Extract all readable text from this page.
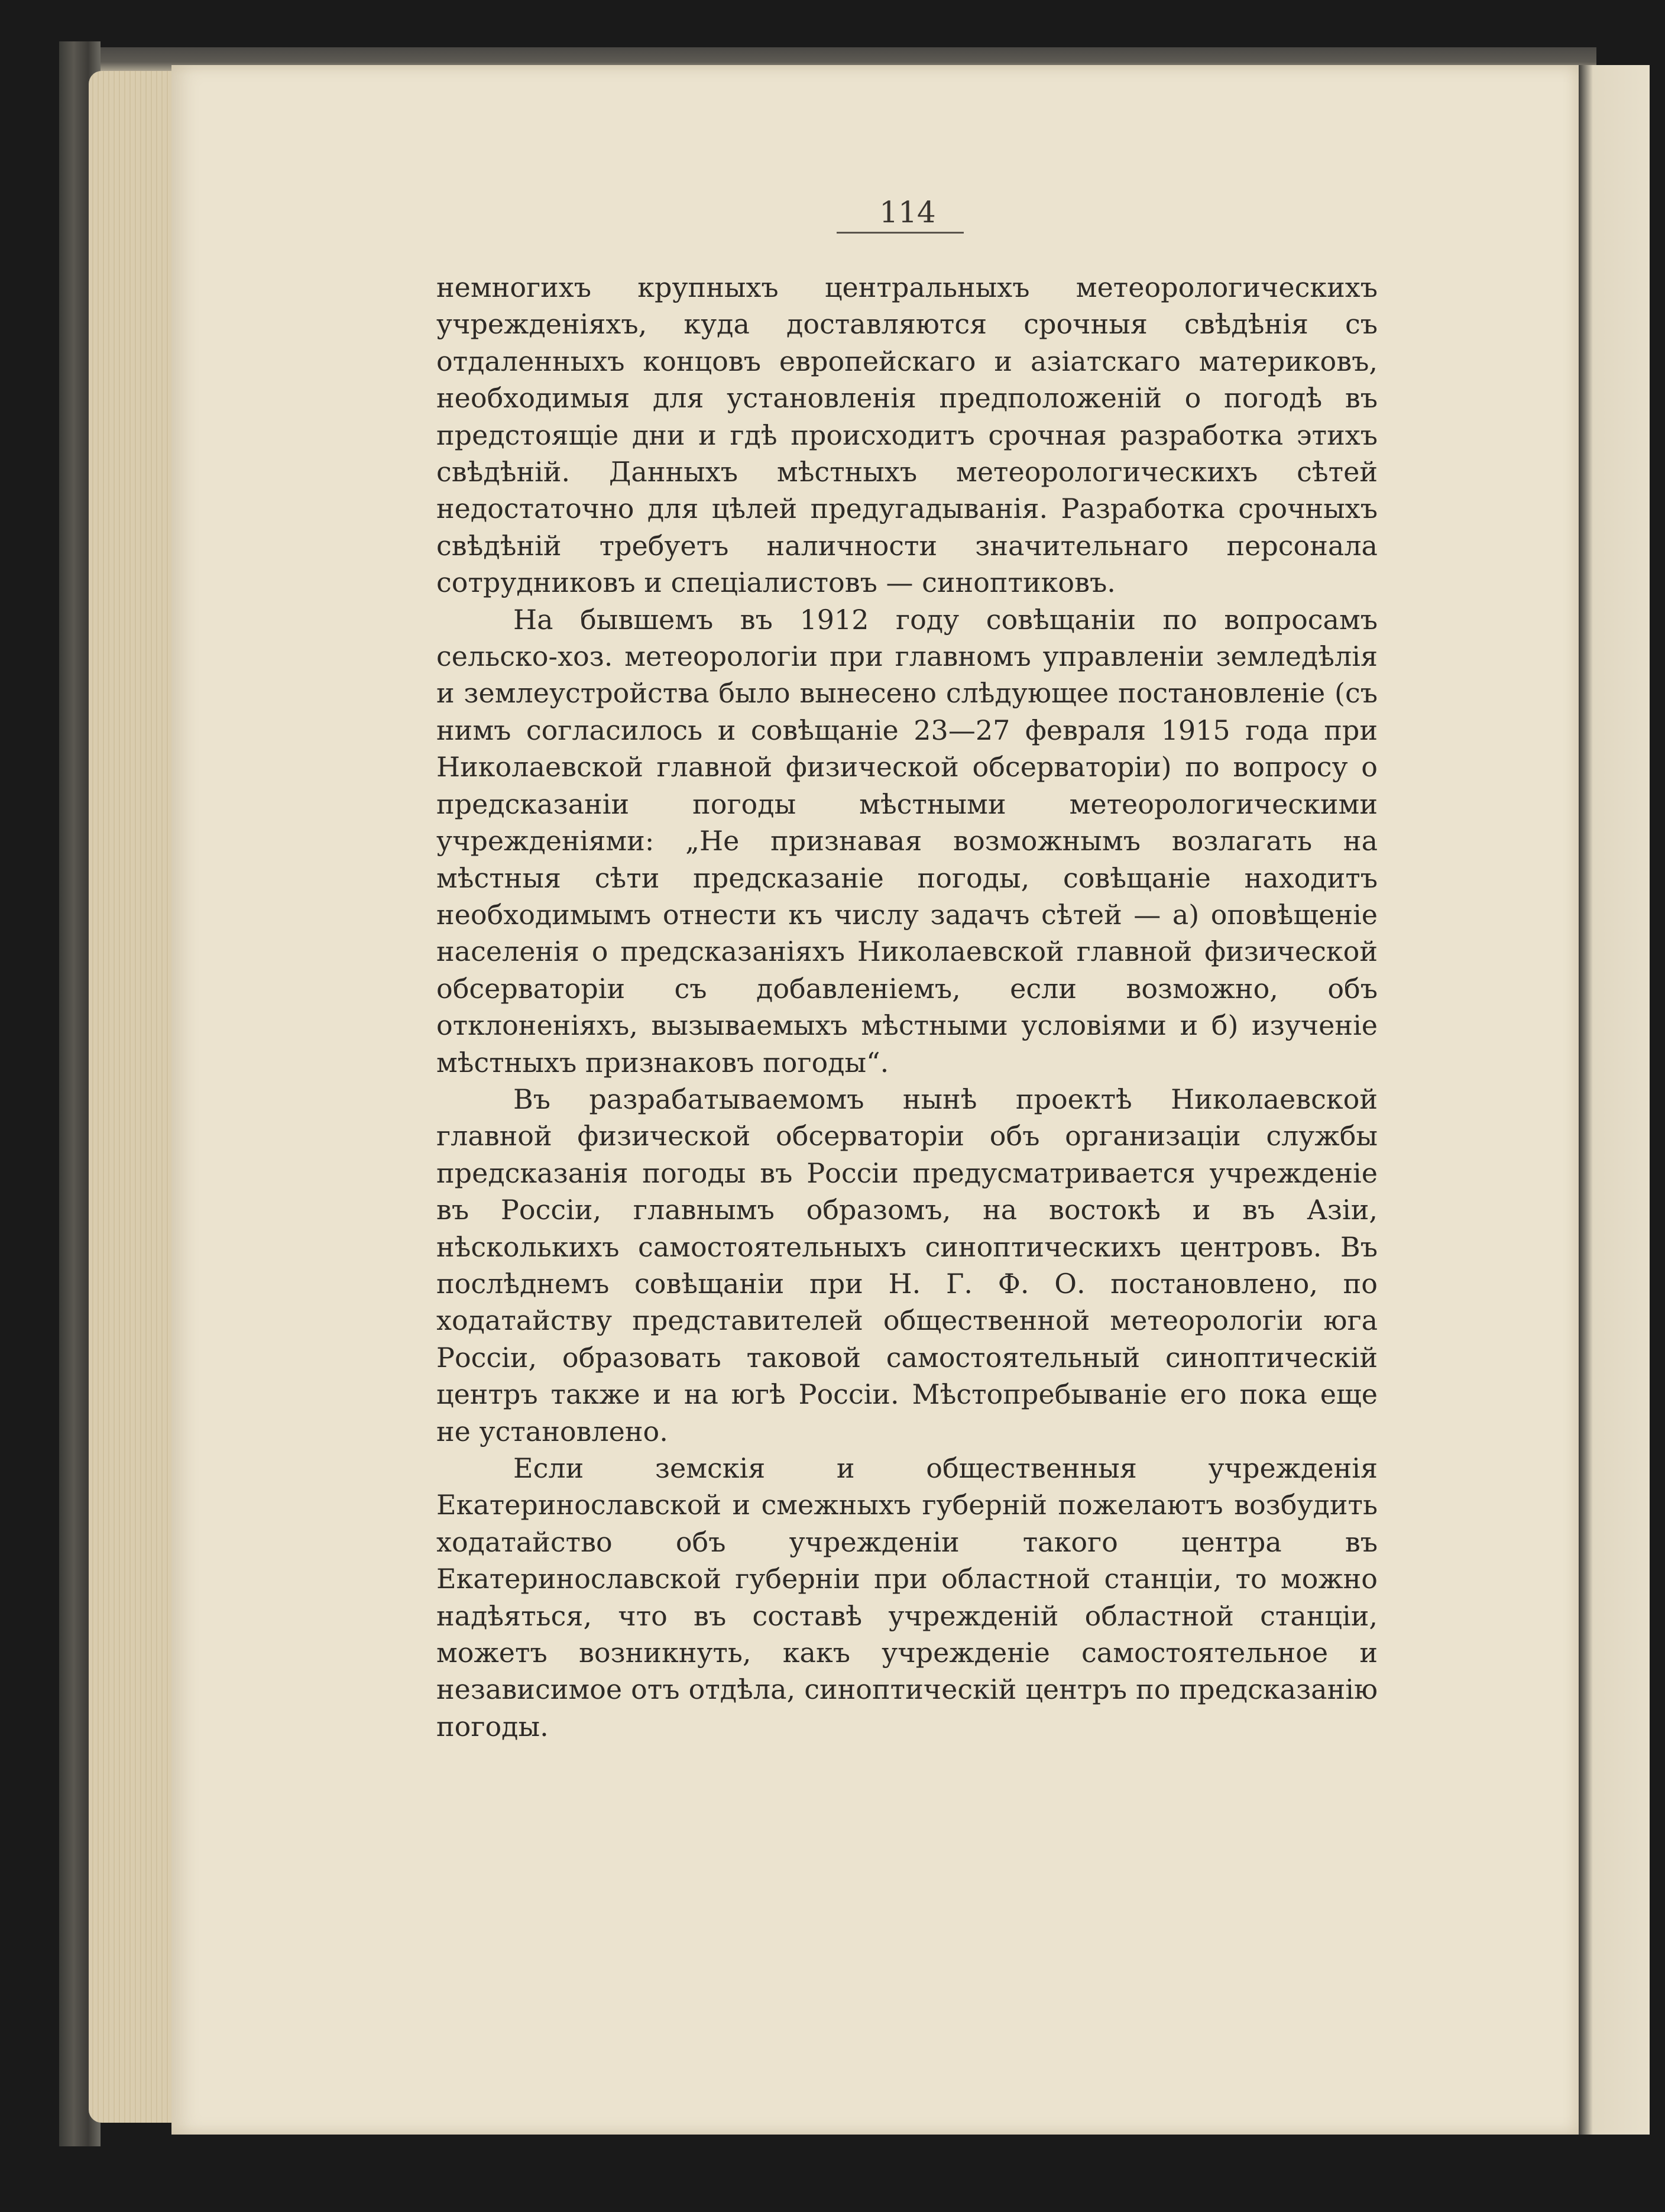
114

немногихъ крупныхъ центральныхъ метеорологическихъ учрежденіяхъ, куда доставляются срочныя свѣдѣнія съ отдаленныхъ концовъ европейскаго и азіатскаго материковъ, необходимыя для установленія предположеній о погодѣ въ предстоящіе дни и гдѣ происходитъ срочная разработка этихъ свѣдѣній. Данныхъ мѣстныхъ метеорологическихъ сѣтей недостаточно для цѣлей предугадыванія. Разработка срочныхъ свѣдѣній требуетъ наличности значительнаго персонала сотрудниковъ и спеціалистовъ — синоптиковъ.

На бывшемъ въ 1912 году совѣщаніи по вопросамъ сельско-хоз. метеорологіи при главномъ управленіи земледѣлія и землеустройства было вынесено слѣдующее постановленіе (съ нимъ согласилось и совѣщаніе 23—27 февраля 1915 года при Николаевской главной физической обсерваторіи) по вопросу о предсказаніи погоды мѣстными метеорологическими учрежденіями: „Не признавая возможнымъ возлагать на мѣстныя сѣти предсказаніе погоды, совѣщаніе находитъ необходимымъ отнести къ числу задачъ сѣтей — а) оповѣщеніе населенія о предсказаніяхъ Николаевской главной физической обсерваторіи съ добавленіемъ, если возможно, объ отклоненіяхъ, вызываемыхъ мѣстными условіями и б) изученіе мѣстныхъ признаковъ погоды“.

Въ разрабатываемомъ нынѣ проектѣ Николаевской главной физической обсерваторіи объ организаціи службы предсказанія погоды въ Россіи предусматривается учрежденіе въ Россіи, главнымъ образомъ, на востокѣ и въ Азіи, нѣсколькихъ самостоятельныхъ синоптическихъ центровъ. Въ послѣднемъ совѣщаніи при Н. Г. Ф. О. постановлено, по ходатайству представителей общественной метеорологіи юга Россіи, образовать таковой самостоятельный синоптическій центръ также и на югѣ Россіи. Мѣстопребываніе его пока еще не установлено.

Если земскія и общественныя учрежденія Екатеринославской и смежныхъ губерній пожелаютъ возбудить ходатайство объ учрежденіи такого центра въ Екатеринославской губерніи при областной станціи, то можно надѣяться, что въ составѣ учрежденій областной станціи, можетъ возникнуть, какъ учрежденіе самостоятельное и независимое отъ отдѣла, синоптическій центръ по предсказанію погоды.
